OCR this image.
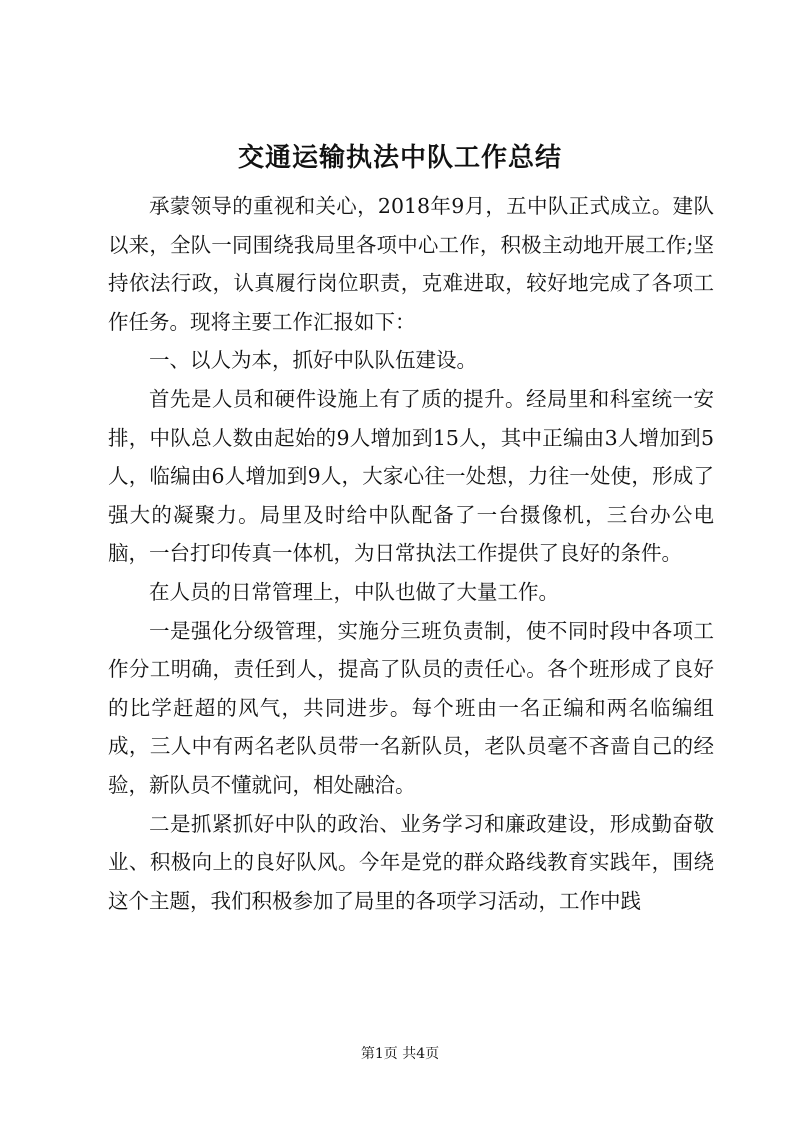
交通运输执法中队工作总结

承蒙领导的重视和关心，2018年9月，五中队正式成立。建队以来，全队一同围绕我局里各项中心工作，积极主动地开展工作;坚持依法行政，认真履行岗位职责，克难进取，较好地完成了各项工作任务。现将主要工作汇报如下：

一、以人为本，抓好中队队伍建设。

首先是人员和硬件设施上有了质的提升。经局里和科室统一安排，中队总人数由起始的9人增加到15人，其中正编由3人增加到5人，临编由6人增加到9人，大家心往一处想，力往一处使，形成了强大的凝聚力。局里及时给中队配备了一台摄像机，三台办公电脑，一台打印传真一体机，为日常执法工作提供了良好的条件。

在人员的日常管理上，中队也做了大量工作。

一是强化分级管理，实施分三班负责制，使不同时段中各项工作分工明确，责任到人，提高了队员的责任心。各个班形成了良好的比学赶超的风气，共同进步。每个班由一名正编和两名临编组成，三人中有两名老队员带一名新队员，老队员毫不吝啬自己的经验，新队员不懂就问，相处融洽。

二是抓紧抓好中队的政治、业务学习和廉政建设，形成勤奋敬业、积极向上的良好队风。今年是党的群众路线教育实践年，围绕这个主题，我们积极参加了局里的各项学习活动，工作中践

第1页 共4页
